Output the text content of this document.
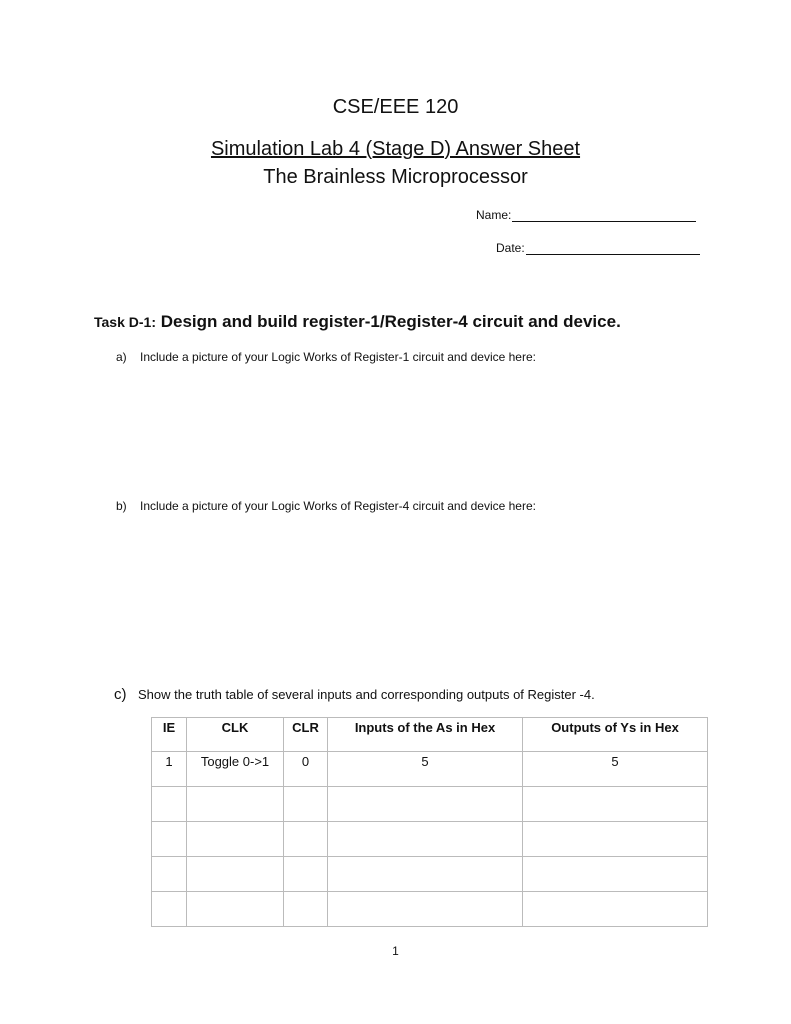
CSE/EEE 120
Simulation Lab 4 (Stage D) Answer Sheet
The Brainless Microprocessor
Name:
Date:
Task D-1: Design and build register-1/Register-4 circuit and device.
a) Include a picture of your Logic Works of Register-1 circuit and device here:
b) Include a picture of your Logic Works of Register-4 circuit and device here:
c) Show the truth table of several inputs and corresponding outputs of Register -4.
IE	CLK	CLR	Inputs of the As in Hex	Outputs of Ys in Hex
1	Toggle 0->1	0	5	5

1
